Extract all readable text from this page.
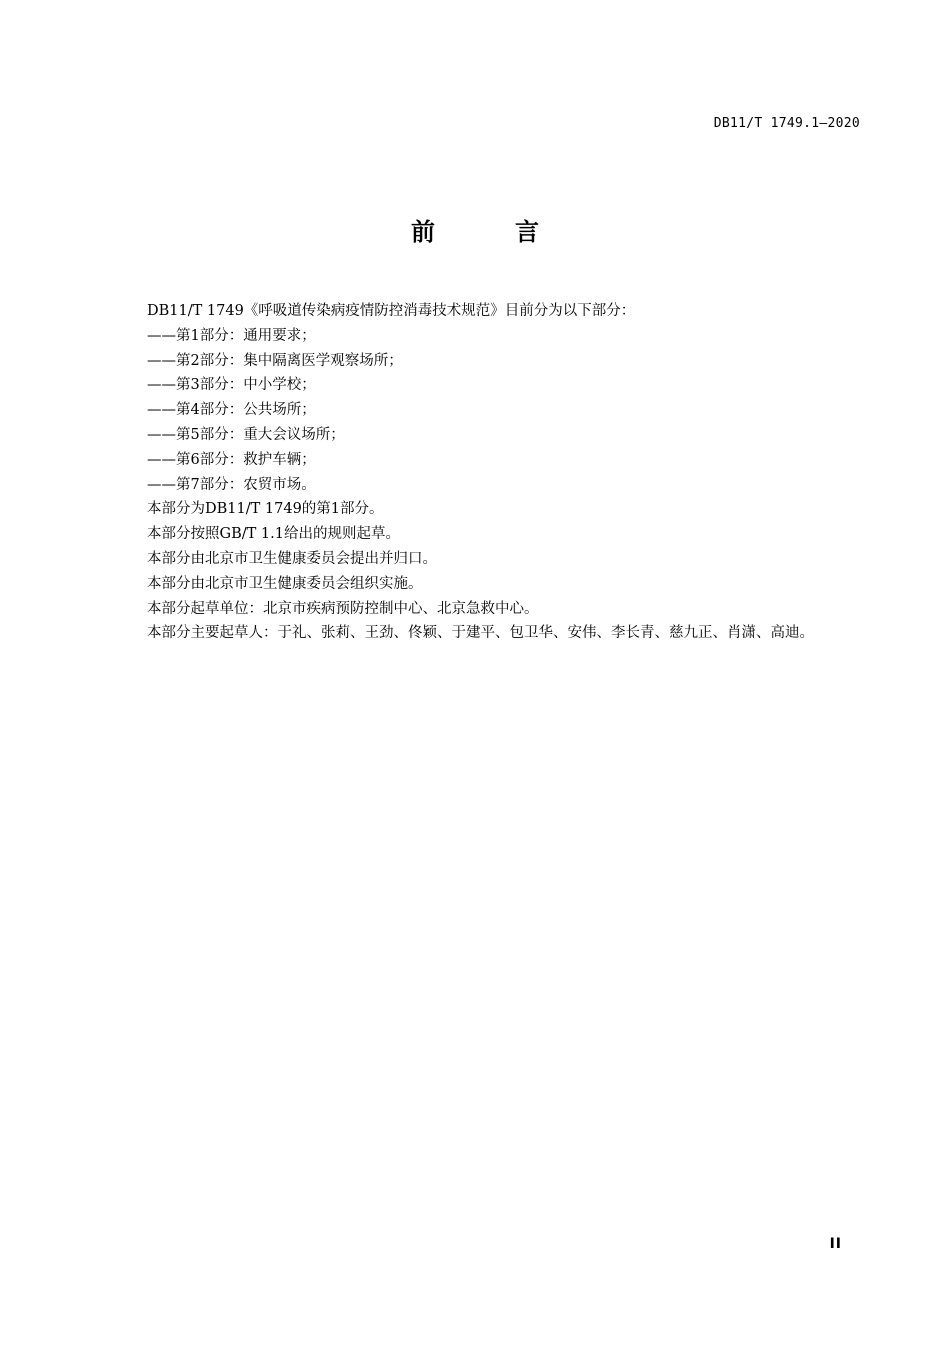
DB11/T 1749.1—2020
前　言

DB11/T 1749《呼吸道传染病疫情防控消毒技术规范》目前分为以下部分：

——第1部分：通用要求；

——第2部分：集中隔离医学观察场所；

——第3部分：中小学校；

——第4部分：公共场所；

——第5部分：重大会议场所；

——第6部分：救护车辆；

——第7部分：农贸市场。

本部分为DB11/T 1749的第1部分。

本部分按照GB/T 1.1给出的规则起草。

本部分由北京市卫生健康委员会提出并归口。

本部分由北京市卫生健康委员会组织实施。

本部分起草单位：北京市疾病预防控制中心、北京急救中心。

本部分主要起草人：于礼、张莉、王劲、佟颖、于建平、包卫华、安伟、李长青、慈九正、肖潇、高迪。

II
